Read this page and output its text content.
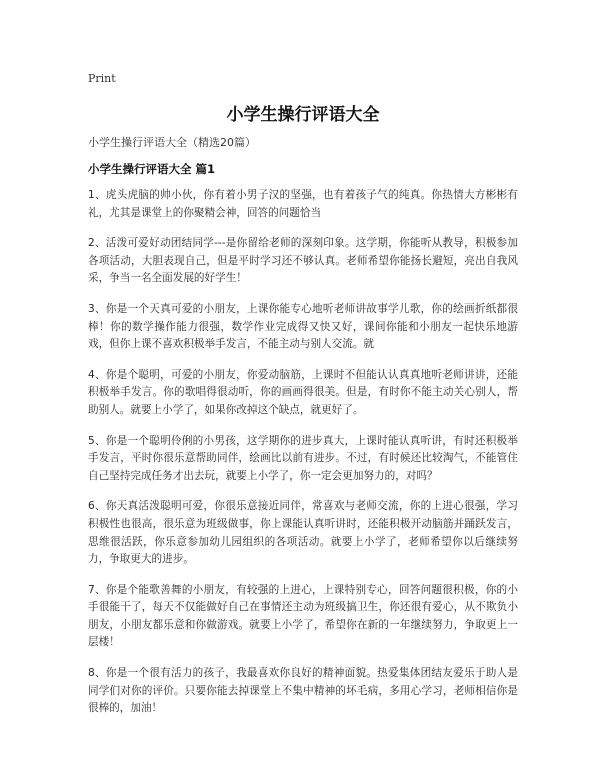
Print
小学生操行评语大全
小学生操行评语大全（精选20篇）
小学生操行评语大全 篇1

1、虎头虎脑的帅小伙，你有着小男子汉的坚强，也有着孩子气的纯真。你热情大方彬彬有礼，尤其是课堂上的你聚精会神，回答的问题恰当

2、活泼可爱好动团结同学---是你留给老师的深刻印象。这学期，你能听从教导，积极参加各项活动，大胆表现自己，但是平时学习还不够认真。老师希望你能扬长避短，亮出自我风采，争当一名全面发展的好学生！

3、你是一个天真可爱的小朋友，上课你能专心地听老师讲故事学儿歌，你的绘画折纸都很棒！你的数学操作能力很强，数学作业完成得又快又好，课间你能和小朋友一起快乐地游戏，但你上课不喜欢积极举手发言，不能主动与别人交流。就

4、你是个聪明，可爱的小朋友，你爱动脑筋，上课时不但能认认真真地听老师讲讲，还能积极举手发言。你的歌唱得很动听，你的画画得很美。但是，有时你不能主动关心别人，帮助别人。就要上小学了，如果你改掉这个缺点，就更好了。

5、你是一个聪明伶俐的小男孩，这学期你的进步真大，上课时能认真听讲，有时还积极举手发言，平时你很乐意帮助同伴，绘画比以前有进步。不过，有时候还比较淘气，不能管住自己坚持完成任务才出去玩，就要上小学了，你一定会更加努力的，对吗？

6、你天真活泼聪明可爱，你很乐意接近同伴，常喜欢与老师交流，你的上进心很强，学习积极性也很高，很乐意为班级做事，你上课能认真听讲时，还能积极开动脑筋并踊跃发言，思维很活跃，你乐意参加幼儿园组织的各项活动。就要上小学了，老师希望你以后继续努力，争取更大的进步。

7、你是个能歌善舞的小朋友，有较强的上进心，上课特别专心，回答问题很积极，你的小手很能干了，每天不仅能做好自己在事情还主动为班级搞卫生，你还很有爱心，从不欺负小朋友，小朋友都乐意和你做游戏。就要上小学了，希望你在新的一年继续努力，争取更上一层楼！

8、你是一个很有活力的孩子，我最喜欢你良好的精神面貌。热爱集体团结友爱乐于助人是同学们对你的评价。只要你能去掉课堂上不集中精神的坏毛病，多用心学习，老师相信你是很棒的，加油！
